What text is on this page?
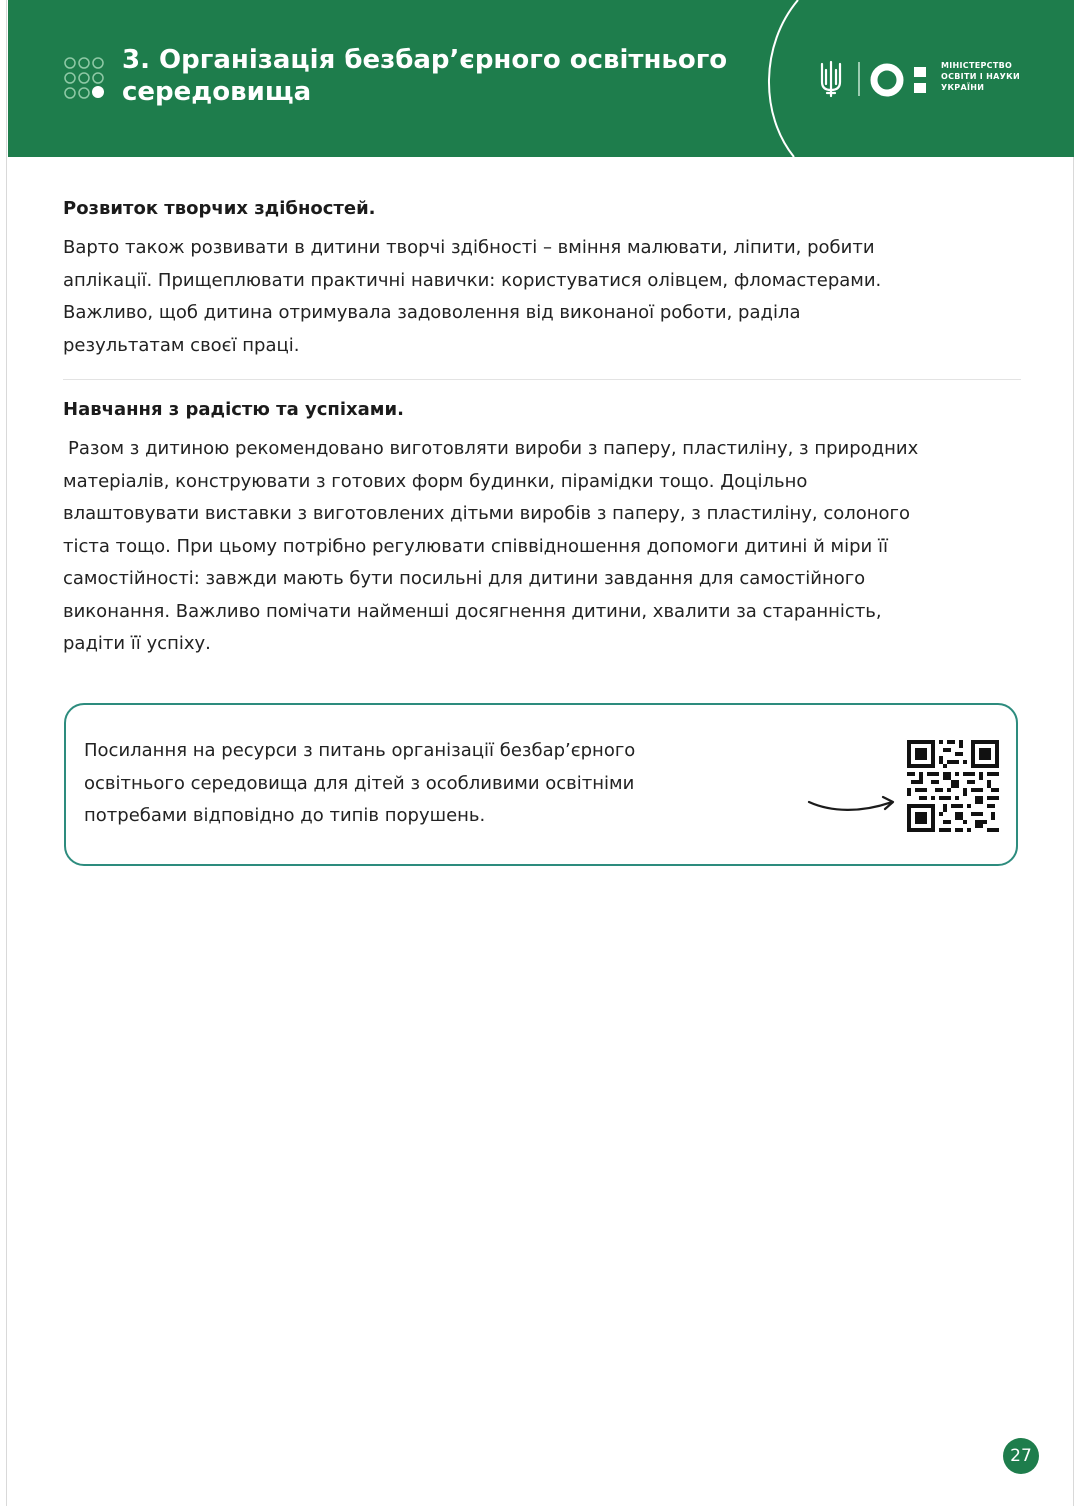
3. Організація безбар’єрного освітнього
середовища
МІНІСТЕРСТВО
ОСВІТИ І НАУКИ
УКРАЇНИ
Розвиток творчих здібностей.

Варто також розвивати в дитини творчі здібності – вміння малювати, ліпити, робити
аплікації. Прищеплювати практичні навички: користуватися олівцем, фломастерами.
Важливо, щоб дитина отримувала задоволення від виконаної роботи, раділа
результатам своєї праці.

Навчання з радістю та успіхами.

Разом з дитиною рекомендовано виготовляти вироби з паперу, пластиліну, з природних
матеріалів, конструювати з готових форм будинки, пірамідки тощо. Доцільно
влаштовувати виставки з виготовлених дітьми виробів з паперу, з пластиліну, солоного
тіста тощо. При цьому потрібно регулювати співвідношення допомоги дитині й міри її
самостійності: завжди мають бути посильні для дитини завдання для самостійного
виконання. Важливо помічати найменші досягнення дитини, хвалити за старанність,
радіти її успіху.

Посилання на ресурси з питань організації безбар’єрного
освітнього середовища для дітей з особливими освітніми
потребами відповідно до типів порушень.
27
